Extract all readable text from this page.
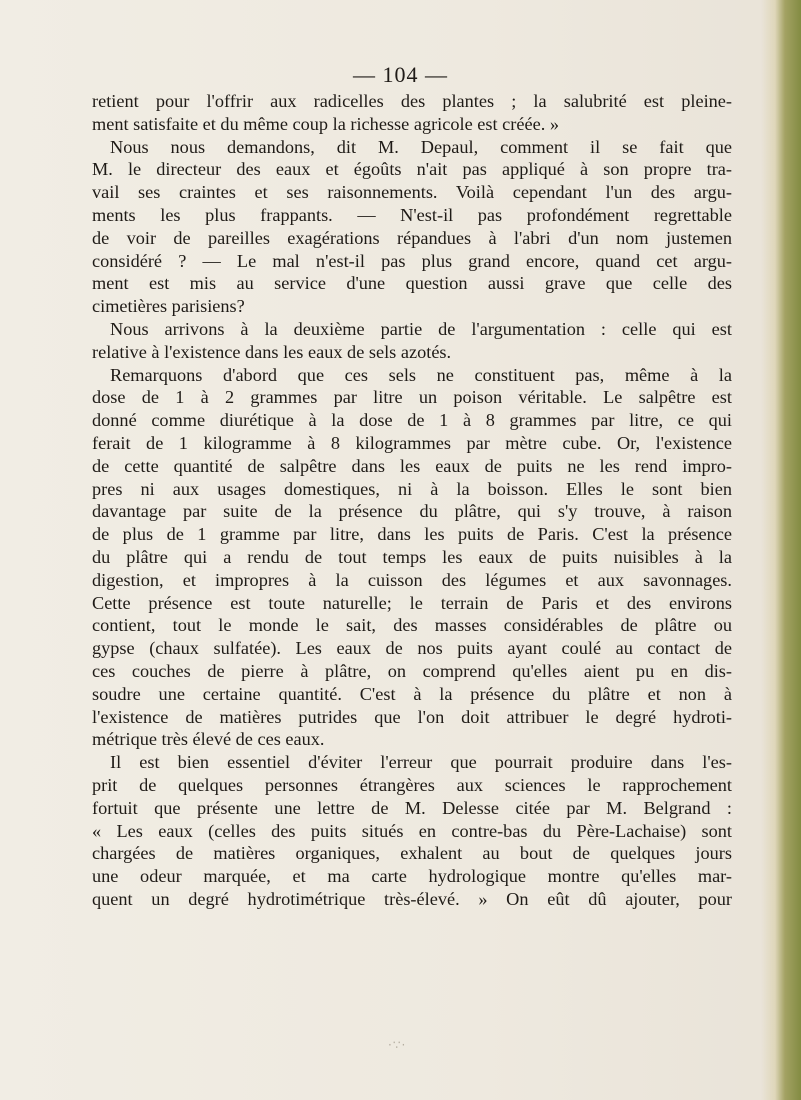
— 104 —
retient pour l'offrir aux radicelles des plantes ; la salubrité est pleine-
ment satisfaite et du même coup la richesse agricole est créée. »
Nous nous demandons, dit M. Depaul, comment il se fait que
M. le directeur des eaux et égoûts n'ait pas appliqué à son propre tra-
vail ses craintes et ses raisonnements. Voilà cependant l'un des argu-
ments les plus frappants. — N'est-il pas profondément regrettable
de voir de pareilles exagérations répandues à l'abri d'un nom justemen
considéré ? — Le mal n'est-il pas plus grand encore, quand cet argu-
ment est mis au service d'une question aussi grave que celle des
cimetières parisiens?
Nous arrivons à la deuxième partie de l'argumentation : celle qui est
relative à l'existence dans les eaux de sels azotés.
Remarquons d'abord que ces sels ne constituent pas, même à la
dose de 1 à 2 grammes par litre un poison véritable. Le salpêtre est
donné comme diurétique à la dose de 1 à 8 grammes par litre, ce qui
ferait de 1 kilogramme à 8 kilogrammes par mètre cube. Or, l'existence
de cette quantité de salpêtre dans les eaux de puits ne les rend impro-
pres ni aux usages domestiques, ni à la boisson. Elles le sont bien
davantage par suite de la présence du plâtre, qui s'y trouve, à raison
de plus de 1 gramme par litre, dans les puits de Paris. C'est la présence
du plâtre qui a rendu de tout temps les eaux de puits nuisibles à la
digestion, et impropres à la cuisson des légumes et aux savonnages.
Cette présence est toute naturelle; le terrain de Paris et des environs
contient, tout le monde le sait, des masses considérables de plâtre ou
gypse (chaux sulfatée). Les eaux de nos puits ayant coulé au contact de
ces couches de pierre à plâtre, on comprend qu'elles aient pu en dis-
soudre une certaine quantité. C'est à la présence du plâtre et non à
l'existence de matières putrides que l'on doit attribuer le degré hydroti-
métrique très élevé de ces eaux.
Il est bien essentiel d'éviter l'erreur que pourrait produire dans l'es-
prit de quelques personnes étrangères aux sciences le rapprochement
fortuit que présente une lettre de M. Delesse citée par M. Belgrand :
« Les eaux (celles des puits situés en contre-bas du Père-Lachaise) sont
chargées de matières organiques, exhalent au bout de quelques jours
une odeur marquée, et ma carte hydrologique montre qu'elles mar-
quent un degré hydrotimétrique très-élevé. » On eût dû ajouter, pour
·∵·
